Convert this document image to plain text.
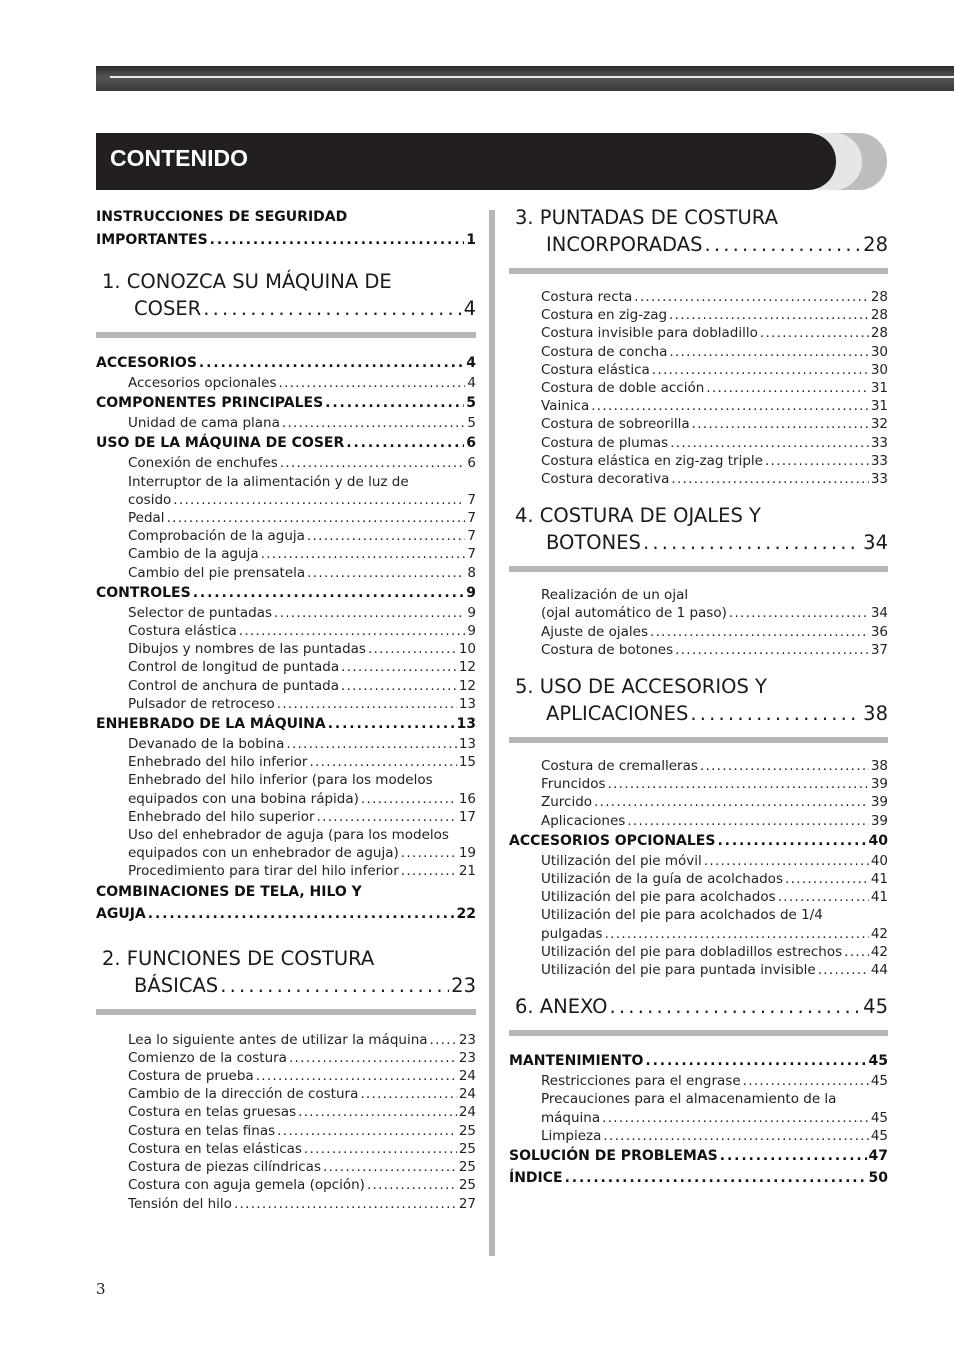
CONTENIDO
INSTRUCCIONES DE SEGURIDAD
IMPORTANTES . . .	1
1. CONOZCA SU MÁQUINA DE
COSER . . .	4
ACCESORIOS . . .	4
Accesorios opcionales . . .	4
COMPONENTES PRINCIPALES . . .	5
Unidad de cama plana . . .	5
USO DE LA MÁQUINA DE COSER . . .	6
Conexión de enchufes . . .	6
Interruptor de la alimentación y de luz de
cosido . . .	7
Pedal . . .	7
Comprobación de la aguja . . .	7
Cambio de la aguja . . .	7
Cambio del pie prensatela . . .	8
CONTROLES . . .	9
Selector de puntadas . . .	9
Costura elástica . . .	9
Dibujos y nombres de las puntadas . . .	10
Control de longitud de puntada . . .	12
Control de anchura de puntada . . .	12
Pulsador de retroceso . . .	13
ENHEBRADO DE LA MÁQUINA . . .	13
Devanado de la bobina . . .	13
Enhebrado del hilo inferior . . .	15
Enhebrado del hilo inferior (para los modelos
equipados con una bobina rápida) . . .	16
Enhebrado del hilo superior . . .	17
Uso del enhebrador de aguja (para los modelos
equipados con un enhebrador de aguja) . . .	19
Procedimiento para tirar del hilo inferior . . .	21
COMBINACIONES DE TELA, HILO Y
AGUJA . . .	22
2. FUNCIONES DE COSTURA
BÁSICAS . . .	23
Lea lo siguiente antes de utilizar la máquina . . . 23
Comienzo de la costura . . .	23
Costura de prueba . . .	24
Cambio de la dirección de costura . . .	24
Costura en telas gruesas . . .	24
Costura en telas finas . . .	25
Costura en telas elásticas . . .	25
Costura de piezas cilíndricas . . .	25
Costura con aguja gemela (opción) . . .	25
Tensión del hilo . . .	27
3. PUNTADAS DE COSTURA
INCORPORADAS . . .	28
Costura recta . . .	28
Costura en zig-zag . . .	28
Costura invisible para dobladillo . . .	28
Costura de concha . . .	30
Costura elástica . . .	30
Costura de doble acción . . .	31
Vainica . . .	31
Costura de sobreorilla . . .	32
Costura de plumas . . .	33
Costura elástica en zig-zag triple . . .	33
Costura decorativa . . .	33
4. COSTURA DE OJALES Y
BOTONES . . .	34
Realización de un ojal
(ojal automático de 1 paso) . . .	34
Ajuste de ojales . . .	36
Costura de botones . . .	37
5. USO DE ACCESORIOS Y
APLICACIONES . . .	38
Costura de cremalleras . . .	38
Fruncidos . . .	39
Zurcido . . .	39
Aplicaciones . . .	39
ACCESORIOS OPCIONALES . . .	40
Utilización del pie móvil . . .	40
Utilización de la guía de acolchados . . .	41
Utilización del pie para acolchados . . .	41
Utilización del pie para acolchados de 1/4
pulgadas . . .	42
Utilización del pie para dobladillos estrechos . . . 42
Utilización del pie para puntada invisible . . .	44
6. ANEXO . . .	45
MANTENIMIENTO . . .	45
Restricciones para el engrase . . .	45
Precauciones para el almacenamiento de la
máquina . . .	45
Limpieza . . .	45
SOLUCIÓN DE PROBLEMAS . . .	47
ÍNDICE . . .	50
3
